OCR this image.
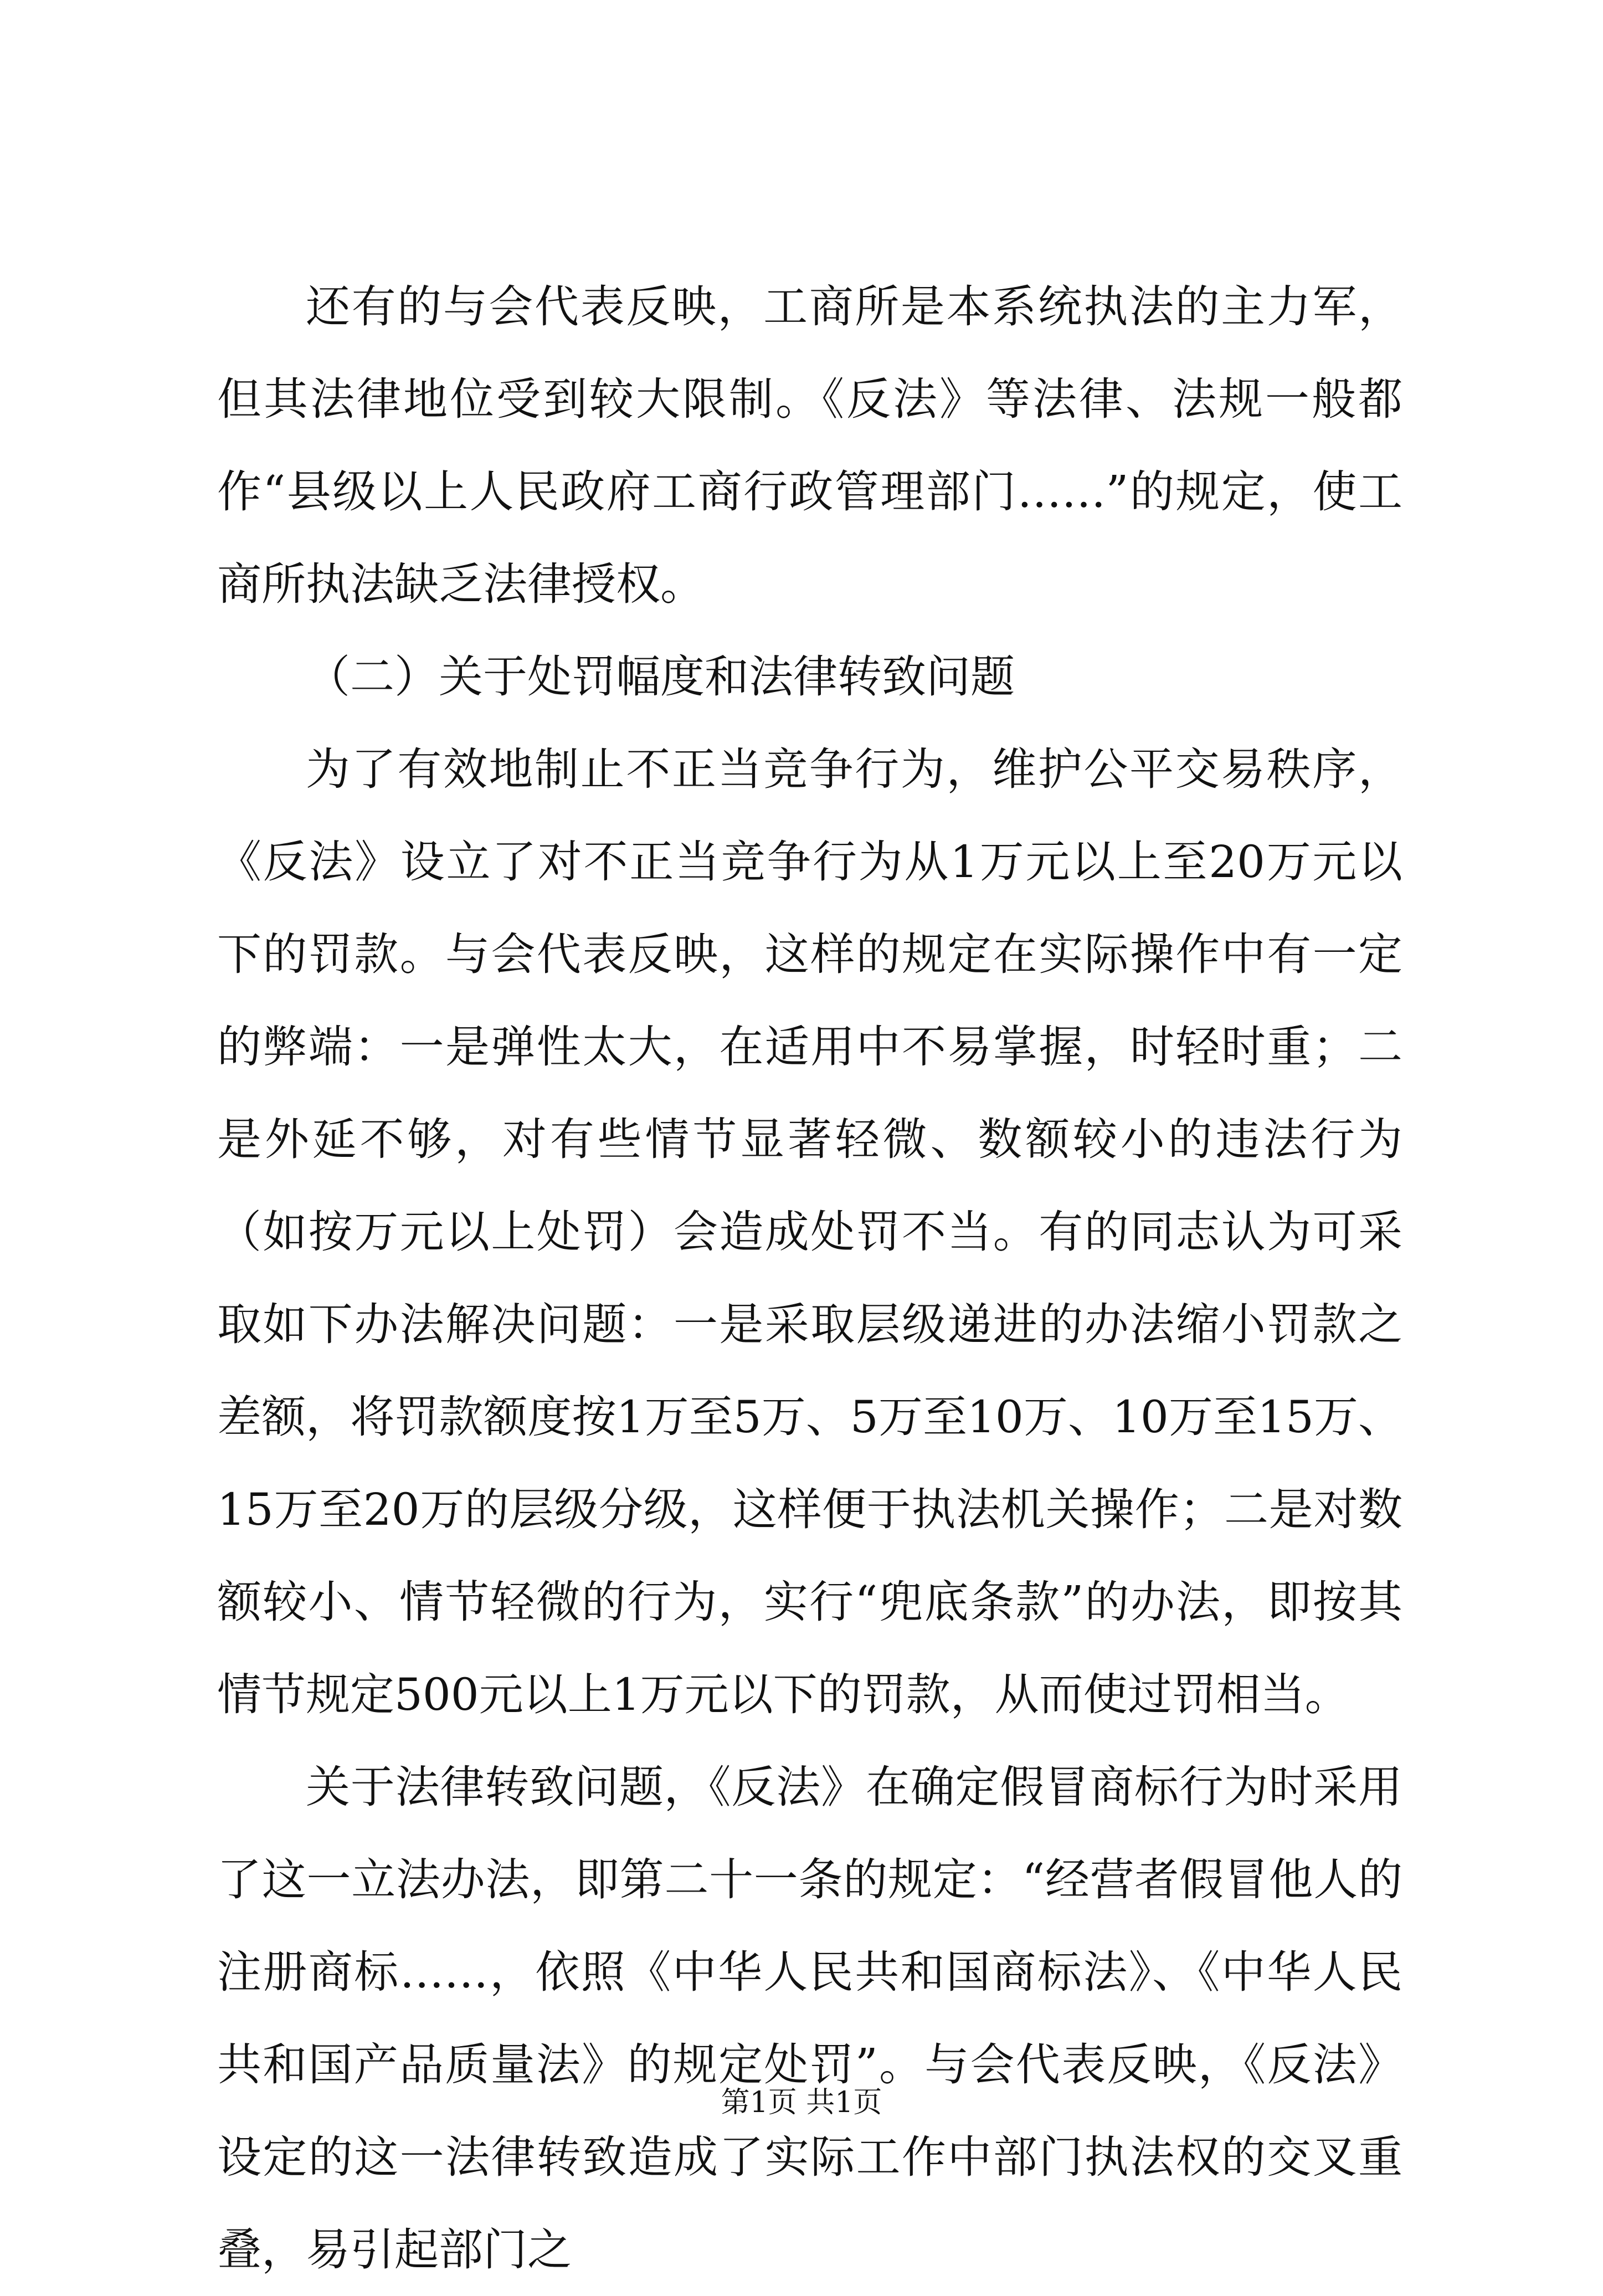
还有的与会代表反映，工商所是本系统执法的主力军，但其法律地位受到较大限制。《反法》等法律、法规一般都作“县级以上人民政府工商行政管理部门……”的规定，使工商所执法缺乏法律授权。

（二）关于处罚幅度和法律转致问题

为了有效地制止不正当竞争行为，维护公平交易秩序，《反法》设立了对不正当竞争行为从1万元以上至20万元以下的罚款。与会代表反映，这样的规定在实际操作中有一定的弊端：一是弹性太大，在适用中不易掌握，时轻时重；二是外延不够，对有些情节显著轻微、数额较小的违法行为（如按万元以上处罚）会造成处罚不当。有的同志认为可采取如下办法解决问题：一是采取层级递进的办法缩小罚款之差额，将罚款额度按1万至5万、5万至10万、10万至15万、15万至20万的层级分级，这样便于执法机关操作；二是对数额较小、情节轻微的行为，实行“兜底条款”的办法，即按其情节规定500元以上1万元以下的罚款，从而使过罚相当。

关于法律转致问题，《反法》在确定假冒商标行为时采用了这一立法办法，即第二十一条的规定：“经营者假冒他人的注册商标……，依照《中华人民共和国商标法》、《中华人民共和国产品质量法》的规定处罚”。与会代表反映，《反法》设定的这一法律转致造成了实际工作中部门执法权的交叉重叠，易引起部门之

第1页 共1页
